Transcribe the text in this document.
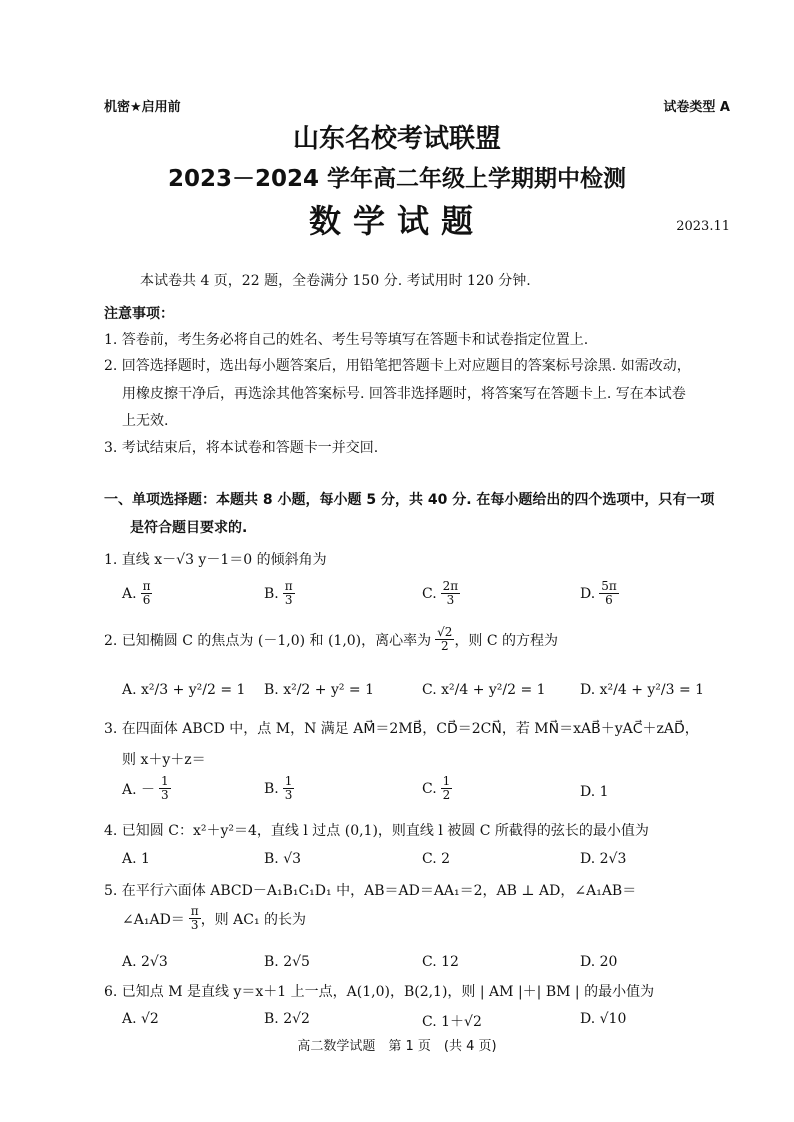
机密★启用前	试卷类型 A
山东名校考试联盟
2023－2024 学年高二年级上学期期中检测
数学试题	2023.11
本试卷共 4 页，22 题，全卷满分 150 分. 考试用时 120 分钟.
注意事项：
1. 答卷前，考生务必将自己的姓名、考生号等填写在答题卡和试卷指定位置上.
2. 回答选择题时，选出每小题答案后，用铅笔把答题卡上对应题目的答案标号涂黑. 如需改动，
用橡皮擦干净后，再选涂其他答案标号. 回答非选择题时，将答案写在答题卡上. 写在本试卷
上无效.
3. 考试结束后，将本试卷和答题卡一并交回.
一、单项选择题：本题共 8 小题，每小题 5 分，共 40 分. 在每小题给出的四个选项中，只有一项
是符合题目要求的.
1. 直线 x－√3 y－1＝0 的倾斜角为
A. $\frac{\pi}{6}$	B. $\frac{\pi}{3}$	C. $\frac{2\pi}{3}$	D. $\frac{5\pi}{6}$
2. 已知椭圆 C 的焦点为 (－1,0) 和 (1,0)，离心率为 $\frac{√2}{2}$ ，则 C 的方程为
A. x²/3 + y²/2 = 1 B. x²/2 + y² = 1	C. x²/4 + y²/2 = 1 D. x²/4 + y²/3 = 1
3. 在四面体 ABCD 中，点 M，N 满足 AM⃗＝2MB⃗，CD⃗＝2CN⃗，若 MN⃗＝xAB⃗＋yAC⃗＋zAD⃗，
则 x＋y＋z＝
A. － $\frac{1}{3}$	B. $\frac{1}{3}$	C. $\frac{1}{2}$	D. 1
4. 已知圆 C：x²＋y²＝4，直线 l 过点 (0,1)，则直线 l 被圆 C 所截得的弦长的最小值为
A. 1	B. √3	C. 2	D. 2√3
5. 在平行六面体 ABCD－A₁B₁C₁D₁ 中，AB＝AD＝AA₁＝2，AB ⊥ AD，∠A₁AB＝
∠A₁AD＝ $\frac{\pi}{3}$ ，则 AC₁ 的长为
A. 2√3	B. 2√5	C. 12	D. 20
6. 已知点 M 是直线 y＝x＋1 上一点，A(1,0)，B(2,1)，则 | AM |＋| BM | 的最小值为
A. √2	B. 2√2	C. 1＋√2	D. √10
高二数学试题　第 1 页　(共 4 页)
